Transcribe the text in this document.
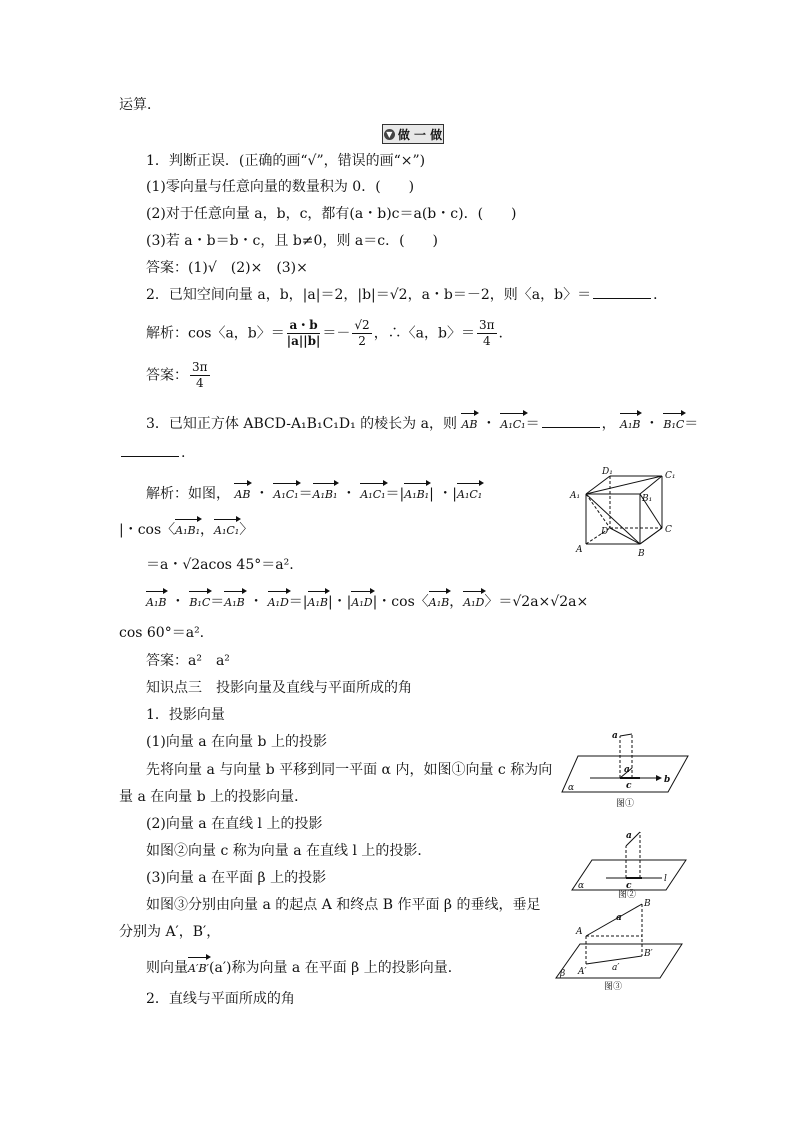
运算．
▼ 做 一 做
1．判断正误．(正确的画“√”，错误的画“×”)
(1)零向量与任意向量的数量积为 0．(　　)
(2)对于任意向量 a，b，c，都有(a・b)c＝a(b・c)．(　　)
(3)若 a・b＝b・c，且 b≠0，则 a＝c．(　　)
答案：(1)√　(2)×　(3)×
2．已知空间向量 a，b，|a|＝2，|b|＝√2，a・b＝－2，则〈a，b〉＝	．
解析：cos〈a，b〉＝ $\frac{a・b}{|a||b|} =- \frac{√2}{2}$ ，∴〈a，b〉＝ $\frac{3\pi}{4}$ .
答案： $\frac{3\pi}{4}$
3．已知正方体 ABCD-A₁B₁C₁D₁ 的棱长为 a，则 AB ・ A₁C₁＝	， A₁B ・ B₁C＝
.
解析：如图， AB ・ A₁C₁＝A₁B₁ ・ A₁C₁＝|A₁B₁| ・|A₁C₁
|・cos〈A₁B₁，A₁C₁〉
＝a・√2acos 45°＝a².
A₁B ・ B₁C＝A₁B ・ A₁D＝|A₁B|・|A₁D|・cos〈A₁B，A₁D〉＝√2a×√2a×
cos 60°＝a².
答案：a²　a²
知识点三　投影向量及直线与平面所成的角
1．投影向量
(1)向量 a 在向量 b 上的投影
先将向量 a 与向量 b 平移到同一平面 α 内，如图①向量 c 称为向
量 a 在向量 b 上的投影向量．
(2)向量 a 在直线 l 上的投影
如图②向量 c 称为向量 a 在直线 l 上的投影．
(3)向量 a 在平面 β 上的投影
如图③分别由向量 a 的起点 A 和终点 B 作平面 β 的垂线，垂足
分别为 A′，B′，
则向量A′B′(a′)称为向量 a 在平面 β 上的投影向量．
2．直线与平面所成的角
D₁	C₁
A₁	B₁
D	C
A	B
a
a
c
b
α
图①
a
c
l
α
图②
A
B
B′
A′	a′
a
β
图③
